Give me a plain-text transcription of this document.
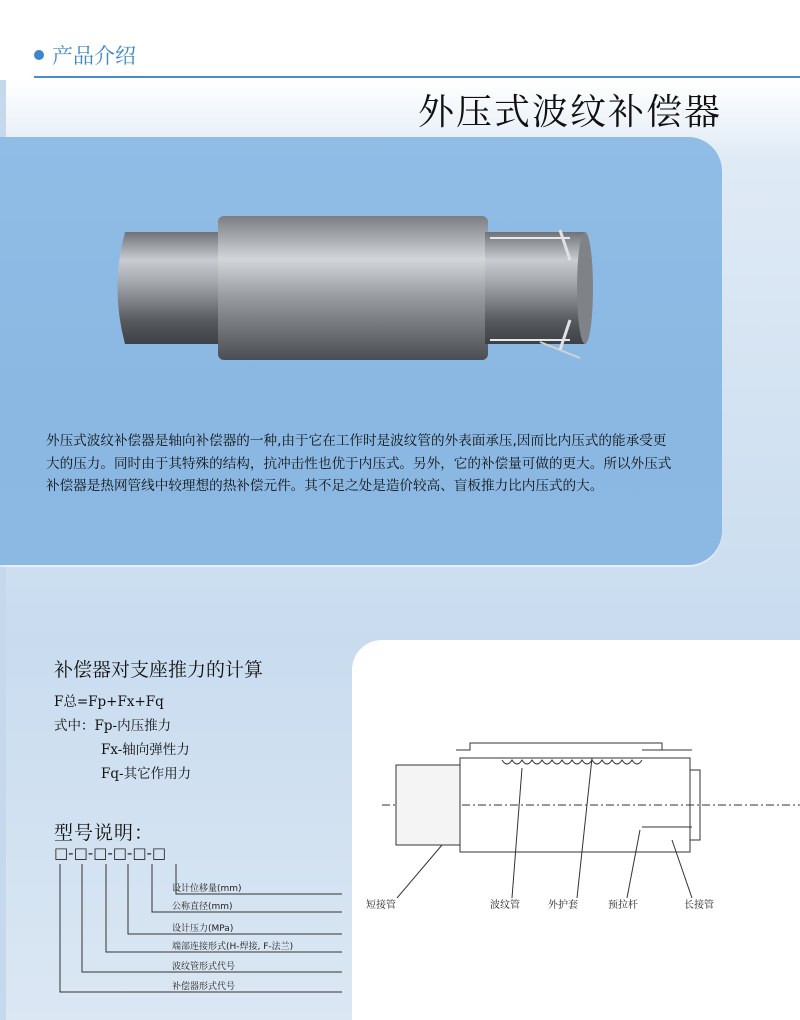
产品介绍
外压式波纹补偿器
外压式波纹补偿器是轴向补偿器的一种,由于它在工作时是波纹管的外表面承压,因而比内压式的能承受更大的压力。同时由于其特殊的结构，抗冲击性也优于内压式。另外，它的补偿量可做的更大。所以外压式补偿器是热网管线中较理想的热补偿元件。其不足之处是造价较高、盲板推力比内压式的大。
补偿器对支座推力的计算
F总=Fp+Fx+Fq
式中：Fp-内压推力
Fx-轴向弹性力
Fq-其它作用力
型号说明：
□-□-□-□-□-□
设计位移量(mm)
公称直径(mm)
设计压力(MPa)
端部连接形式(H-焊接, F-法兰)
波纹管形式代号
补偿器形式代号
短接管	波纹管	外护套	预拉杆	长接管
